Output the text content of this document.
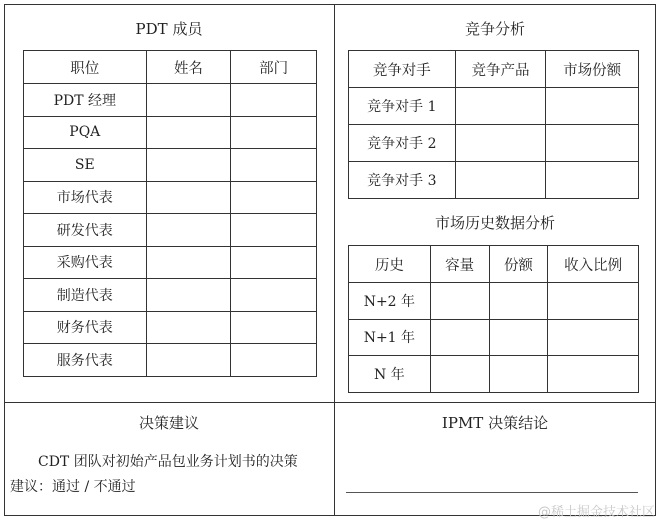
PDT 成员
职位	姓名	部门
PDT 经理		
PQA		
SE		
市场代表		
研发代表		
采购代表		
制造代表		
财务代表		
服务代表		
竞争分析
竞争对手	竞争产品	市场份额
竞争对手 1		
竞争对手 2		
竞争对手 3		
市场历史数据分析
历史	容量	份额	收入比例
N+2 年			
N+1 年			
N 年			
决策建议
CDT 团队对初始产品包业务计划书的决策
建议：通过 / 不通过
IPMT 决策结论
@稀土掘金技术社区
